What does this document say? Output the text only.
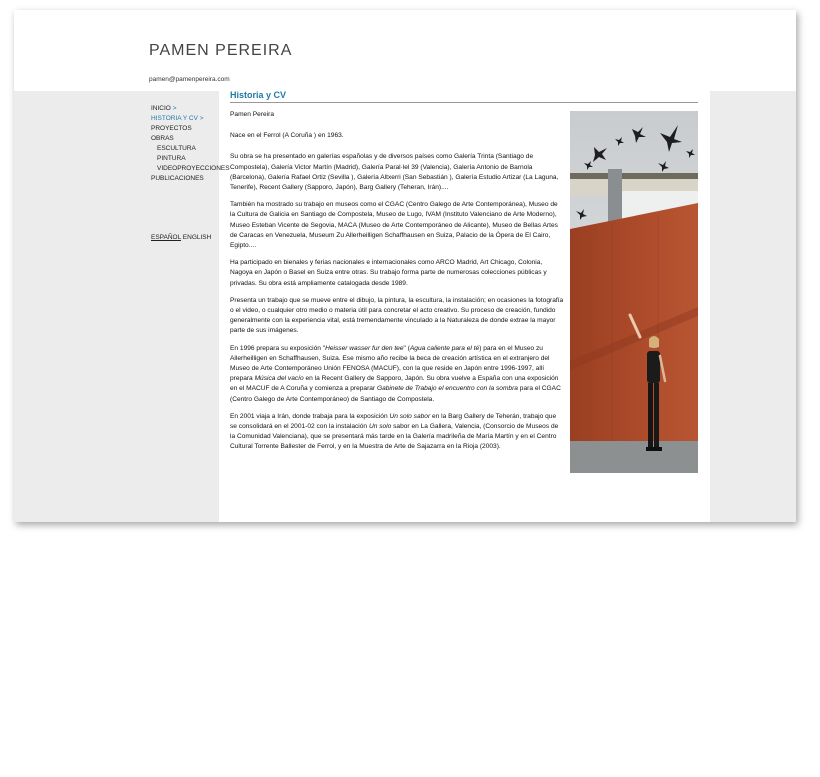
PAMEN PEREIRA
pamen@pamenpereira.com
INICIO >
HISTORIA Y CV >
PROYECTOS
OBRAS
ESCULTURA
PINTURA
VIDEOPROYECCIONES
PUBLICACIONES
ESPAÑOL ENGLISH
Historia y CV

Pamen Pereira

Nace en el Ferrol (A Coruña ) en 1963.

Su obra se ha presentado en galerías españolas y de diversos países como Galería Trinta (Santiago de Compostela), Galería Victor Martín (Madrid), Galería Paral·lel 39 (Valencia), Galería Antonio de Barnola (Barcelona), Galería Rafael Ortiz (Sevilla ), Galería Altxerri (San Sebastián ), Galería Estudio Artizar (La Laguna, Tenerife), Recent Gallery (Sapporo, Japón), Barg Gallery (Teheran, Irán)....

También ha mostrado su trabajo en museos como el CGAC (Centro Galego de Arte Contemporánea), Museo de la Cultura de Galicia en Santiago de Compostela, Museo de Lugo, IVAM (Instituto Valenciano de Arte Moderno), Museo Esteban Vicente de Segovia, MACA (Museo de Arte Contemporáneo de Alicante), Museo de Bellas Artes de Caracas en Venezuela, Museum Zu Allerheilligen Schaffhausen en Suiza, Palacio de la Ópera de El Cairo, Egipto....

Ha participado en bienales y ferias nacionales e internacionales como ARCO Madrid, Art Chicago, Colonia, Nagoya en Japón o Basel en Suiza entre otras. Su trabajo forma parte de numerosas colecciones públicas y privadas. Su obra está ampliamente catalogada desde 1989.

Presenta un trabajo que se mueve entre el dibujo, la pintura, la escultura, la instalación; en ocasiones la fotografía o el video, o cualquier otro medio o materia útil para concretar el acto creativo. Su proceso de creación, fundido generalmente con la experiencia vital, está tremendamente vinculado a la Naturaleza de donde extrae la mayor parte de sus imágenes.

En 1996 prepara su exposición "Heisser wasser fur den tee" (Agua caliente para el té) para en el Museo zu Allerheilligen en Schaffhausen, Suiza. Ese mismo año recibe la beca de creación artística en el extranjero del Museo de Arte Contemporáneo Unión FENOSA (MACUF), con la que reside en Japón entre 1996-1997, allí prepara Música del vacío en la Recent Gallery de Sapporo, Japón. Su obra vuelve a España con una exposición en el MACUF de A Coruña y comienza a preparar Gabinete de Trabajo el encuentro con la sombra para el CGAC (Centro Galego de Arte Contemporáneo) de Santiago de Compostela.

En 2001 viaja a Irán, donde trabaja para la exposición Un solo sabor en la Barg Gallery de Teherán, trabajo que se consolidará en el 2001-02 con la instalación Un solo sabor en La Gallera, Valencia, (Consorcio de Museos de la Comunidad Valenciana), que se presentará más tarde en la Galería madrileña de María Martín y en el Centro Cultural Torrente Ballester de Ferrol, y en la Muestra de Arte de Sajazarra en la Rioja (2003).
